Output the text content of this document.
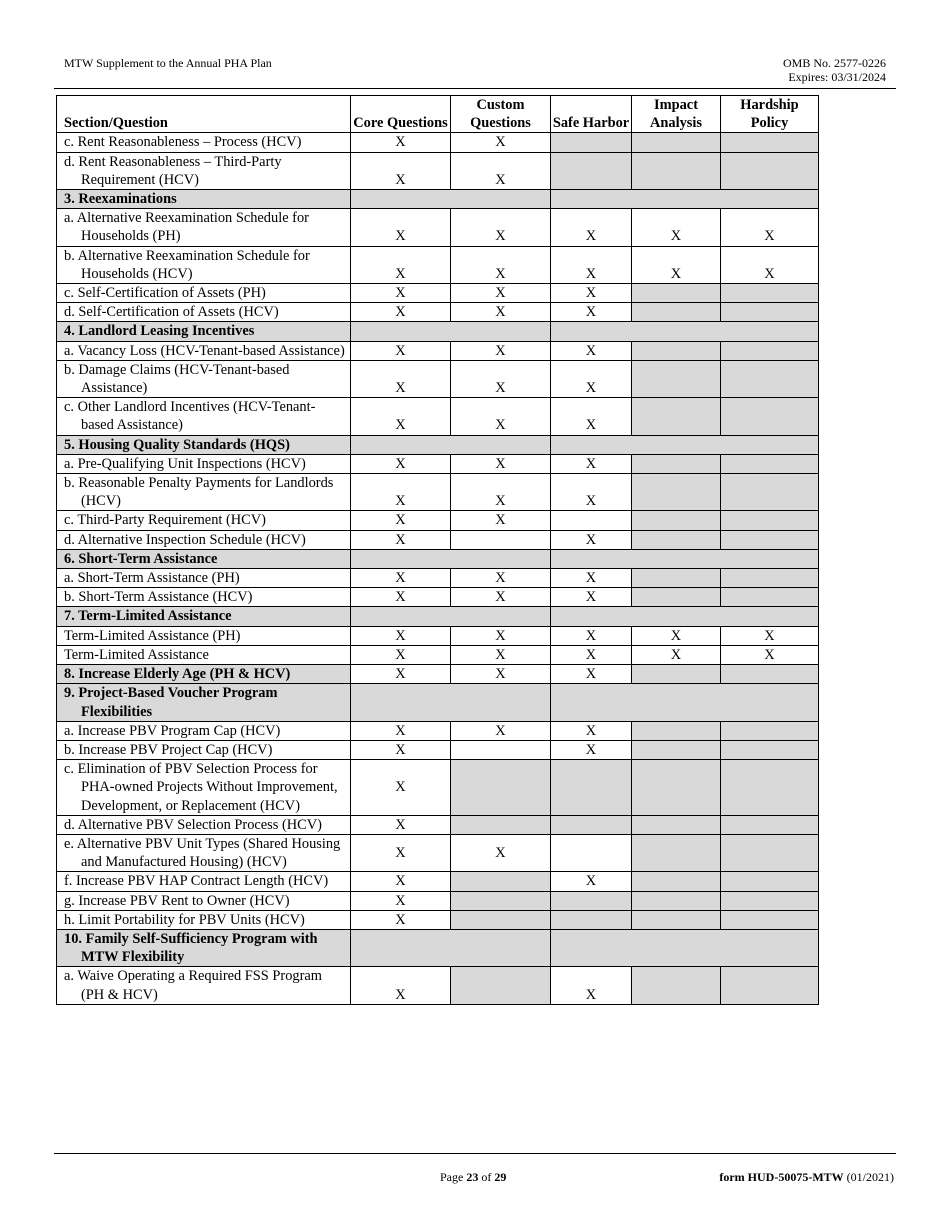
MTW Supplement to the Annual PHA Plan	OMB No. 2577-0226
Expires: 03/31/2024
Section/Question	Core Questions	Custom Questions	Safe Harbor	Impact Analysis	Hardship Policy
c. Rent Reasonableness – Process (HCV)	X	X			
d. Rent Reasonableness – Third-Party Requirement (HCV)	X	X			
3. Reexaminations					
a. Alternative Reexamination Schedule for Households (PH)	X	X	X	X	X
b. Alternative Reexamination Schedule for Households (HCV)	X	X	X	X	X
c. Self-Certification of Assets (PH)	X	X	X		
d. Self-Certification of Assets (HCV)	X	X	X		
4. Landlord Leasing Incentives					
a. Vacancy Loss (HCV-Tenant-based Assistance)	X	X	X		
b. Damage Claims (HCV-Tenant-based Assistance)	X	X	X		
c. Other Landlord Incentives (HCV-Tenant-based Assistance)	X	X	X		
5. Housing Quality Standards (HQS)					
a. Pre-Qualifying Unit Inspections (HCV)	X	X	X		
b. Reasonable Penalty Payments for Landlords (HCV)	X	X	X		
c. Third-Party Requirement (HCV)	X	X			
d. Alternative Inspection Schedule (HCV)	X		X		
6. Short-Term Assistance					
a. Short-Term Assistance (PH)	X	X	X		
b. Short-Term Assistance (HCV)	X	X	X		
7. Term-Limited Assistance					
Term-Limited Assistance (PH)	X	X	X	X	X
Term-Limited Assistance	X	X	X	X	X
8. Increase Elderly Age (PH & HCV)	X	X	X		
9. Project-Based Voucher Program Flexibilities					
a. Increase PBV Program Cap (HCV)	X	X	X		
b. Increase PBV Project Cap (HCV)	X		X		
c. Elimination of PBV Selection Process for PHA-owned Projects Without Improvement, Development, or Replacement (HCV)	X				
d. Alternative PBV Selection Process (HCV)	X				
e. Alternative PBV Unit Types (Shared Housing and Manufactured Housing) (HCV)	X	X			
f. Increase PBV HAP Contract Length (HCV)	X		X		
g. Increase PBV Rent to Owner (HCV)	X				
h. Limit Portability for PBV Units (HCV)	X				
10. Family Self-Sufficiency Program with MTW Flexibility					
a. Waive Operating a Required FSS Program (PH & HCV)	X		X		
Page 23 of 29	form HUD-50075-MTW (01/2021)
